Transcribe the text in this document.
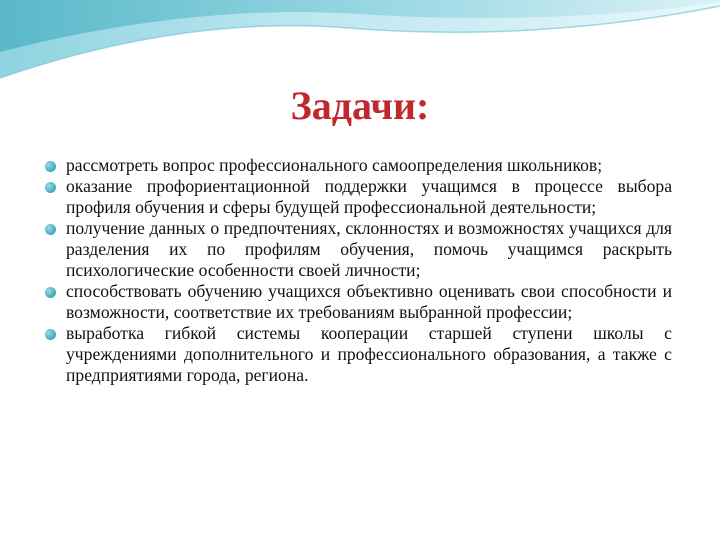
Задачи:
рассмотреть вопрос профессионального самоопределения школьников;
оказание профориентационной поддержки учащимся в процессе выбора профиля обучения и сферы будущей профессиональной деятельности;
получение данных о предпочтениях, склонностях и возможностях учащихся для разделения их по профилям обучения, помочь учащимся раскрыть психологические особенности своей личности;
способствовать обучению учащихся объективно оценивать свои способности и возможности, соответствие их требованиям выбранной профессии;
выработка гибкой системы кооперации старшей ступени школы с учреждениями дополнительного и профессионального образования, а также с предприятиями города, региона.
